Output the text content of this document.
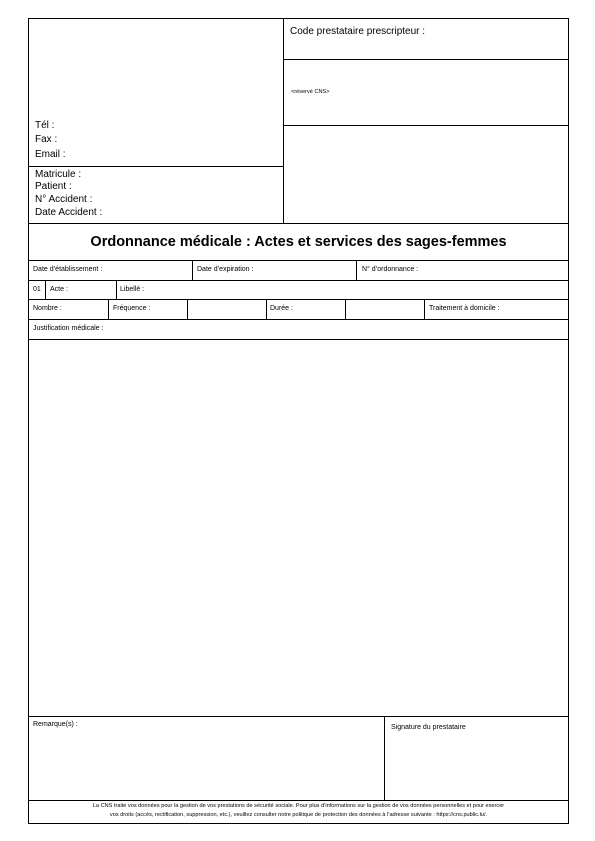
Tél :
Fax :
Email :
Code prestataire prescripteur :
<réservé CNS>
Matricule :
Patient :
N° Accident :
Date Accident :
Ordonnance médicale : Actes et services des sages-femmes
Date d’établissement :	Date d’expiration :	N° d’ordonnance :
01 Acte :	Libellé :
Nombre :	Fréquence :	Durée :	Traitement à domicile :
Justification médicale :
Remarque(s) :	Signature du prestataire
La CNS traite vos données pour la gestion de vos prestations de sécurité sociale. Pour plus d’informations sur la gestion de vos données personnelles et pour exercer
vos droits (accès, rectification, suppression, etc.), veuillez consulter notre politique de protection des données à l’adresse suivante : https://cns.public.lu/.
